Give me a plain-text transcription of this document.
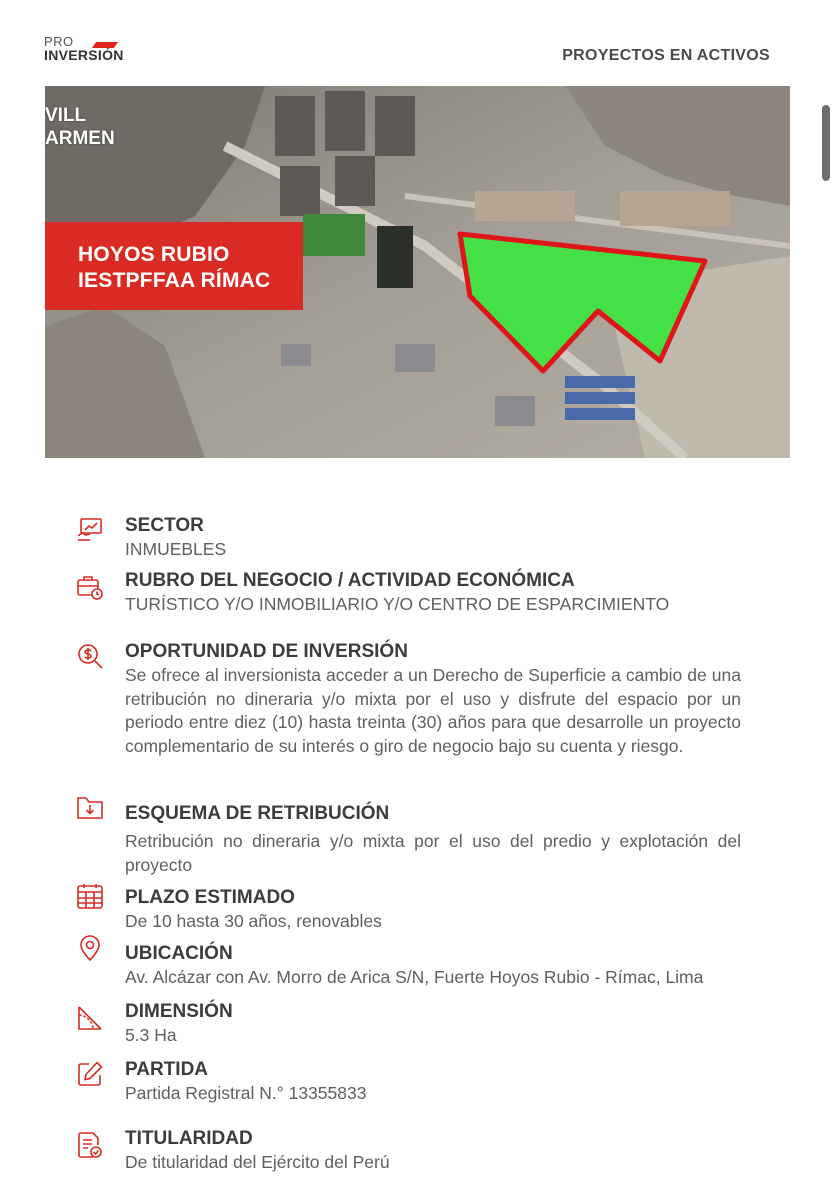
PRO
INVERSIÓN	PROYECTOS EN ACTIVOS
VILL
ARMEN
HOYOS RUBIO
IESTPFFAA RÍMAC
SECTOR
INMUEBLES
RUBRO DEL NEGOCIO / ACTIVIDAD ECONÓMICA
TURÍSTICO Y/O INMOBILIARIO Y/O CENTRO DE ESPARCIMIENTO
OPORTUNIDAD DE INVERSIÓN
Se ofrece al inversionista acceder a un Derecho de Superficie a cambio de una retribución no dineraria y/o mixta por el uso y disfrute del espacio por un periodo entre diez (10) hasta treinta (30) años para que desarrolle un proyecto complementario de su interés o giro de negocio bajo su cuenta y riesgo.
ESQUEMA DE RETRIBUCIÓN
Retribución no dineraria y/o mixta por el uso del predio y explotación del proyecto
PLAZO ESTIMADO
De 10 hasta 30 años, renovables
UBICACIÓN
Av. Alcázar con Av. Morro de Arica S/N, Fuerte Hoyos Rubio - Rímac, Lima
DIMENSIÓN
5.3 Ha
PARTIDA
Partida Registral N.° 13355833
TITULARIDAD
De titularidad del Ejército del Perú
